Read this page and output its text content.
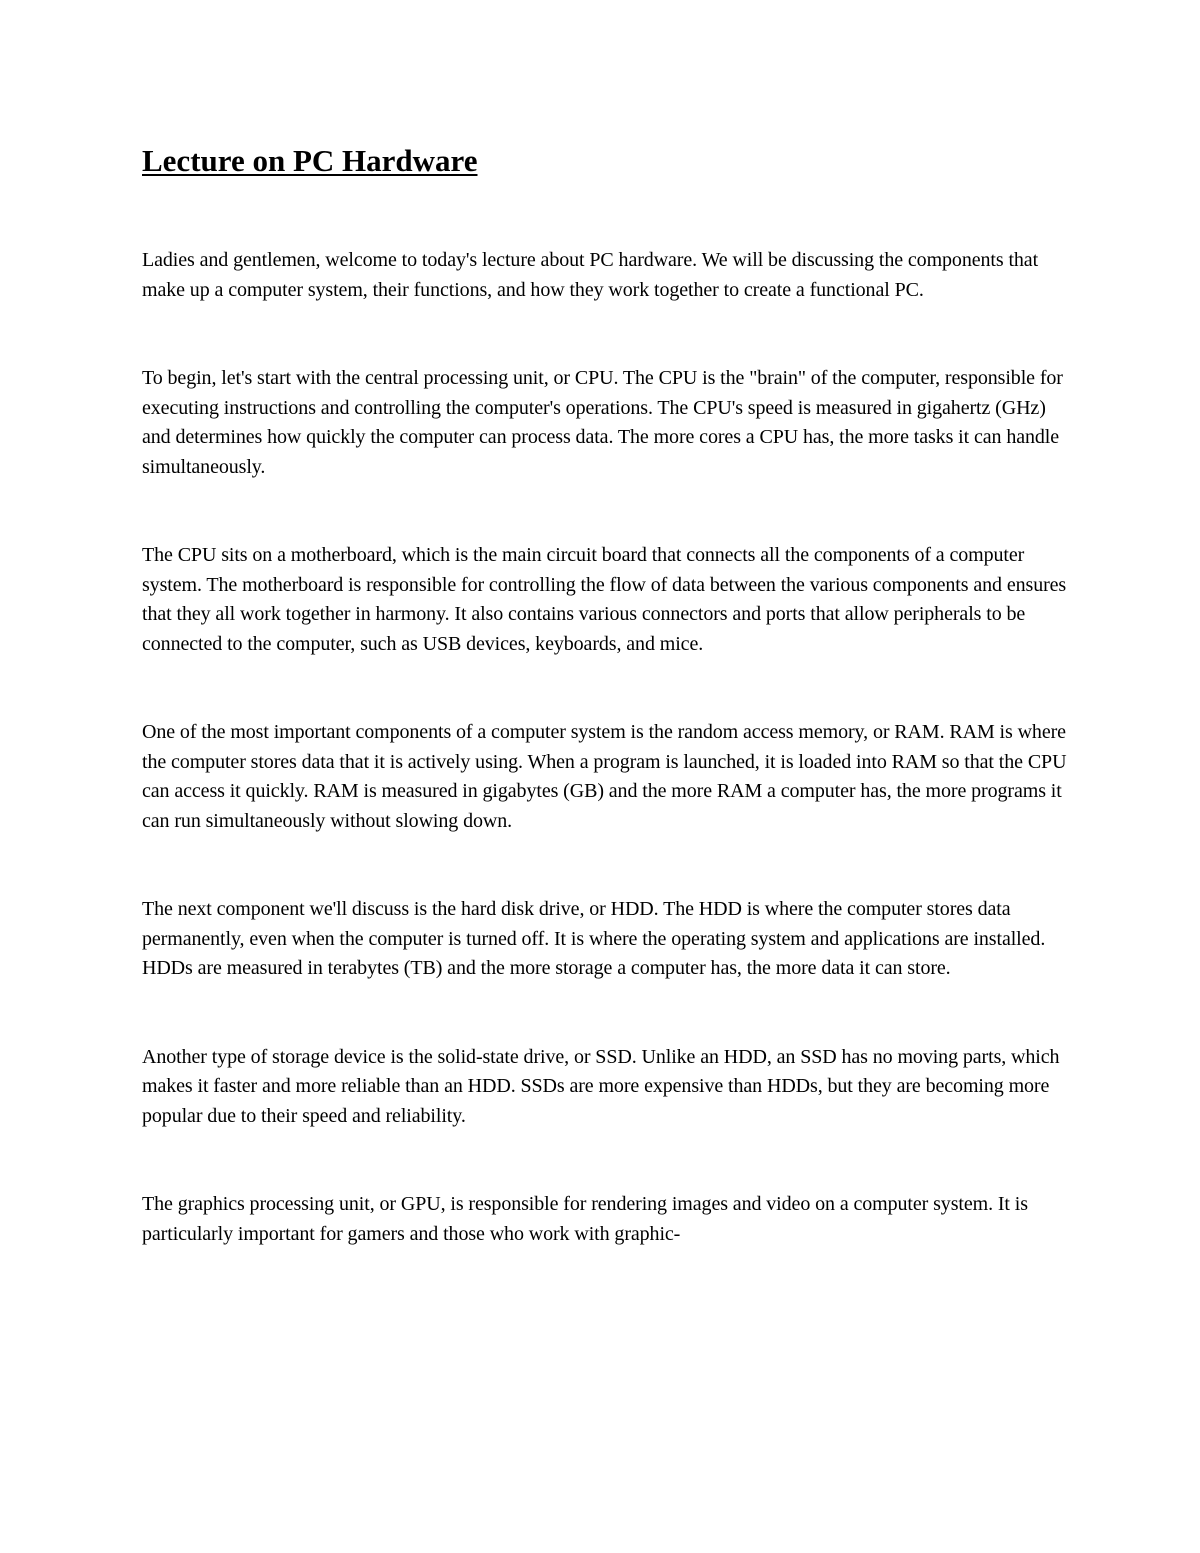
Lecture on PC Hardware

Ladies and gentlemen, welcome to today's lecture about PC hardware. We will be discussing the components that make up a computer system, their functions, and how they work together to create a functional PC.

To begin, let's start with the central processing unit, or CPU. The CPU is the "brain" of the computer, responsible for executing instructions and controlling the computer's operations. The CPU's speed is measured in gigahertz (GHz) and determines how quickly the computer can process data. The more cores a CPU has, the more tasks it can handle simultaneously.

The CPU sits on a motherboard, which is the main circuit board that connects all the components of a computer system. The motherboard is responsible for controlling the flow of data between the various components and ensures that they all work together in harmony. It also contains various connectors and ports that allow peripherals to be connected to the computer, such as USB devices, keyboards, and mice.

One of the most important components of a computer system is the random access memory, or RAM. RAM is where the computer stores data that it is actively using. When a program is launched, it is loaded into RAM so that the CPU can access it quickly. RAM is measured in gigabytes (GB) and the more RAM a computer has, the more programs it can run simultaneously without slowing down.

The next component we'll discuss is the hard disk drive, or HDD. The HDD is where the computer stores data permanently, even when the computer is turned off. It is where the operating system and applications are installed. HDDs are measured in terabytes (TB) and the more storage a computer has, the more data it can store.

Another type of storage device is the solid-state drive, or SSD. Unlike an HDD, an SSD has no moving parts, which makes it faster and more reliable than an HDD. SSDs are more expensive than HDDs, but they are becoming more popular due to their speed and reliability.

The graphics processing unit, or GPU, is responsible for rendering images and video on a computer system. It is particularly important for gamers and those who work with graphic-
